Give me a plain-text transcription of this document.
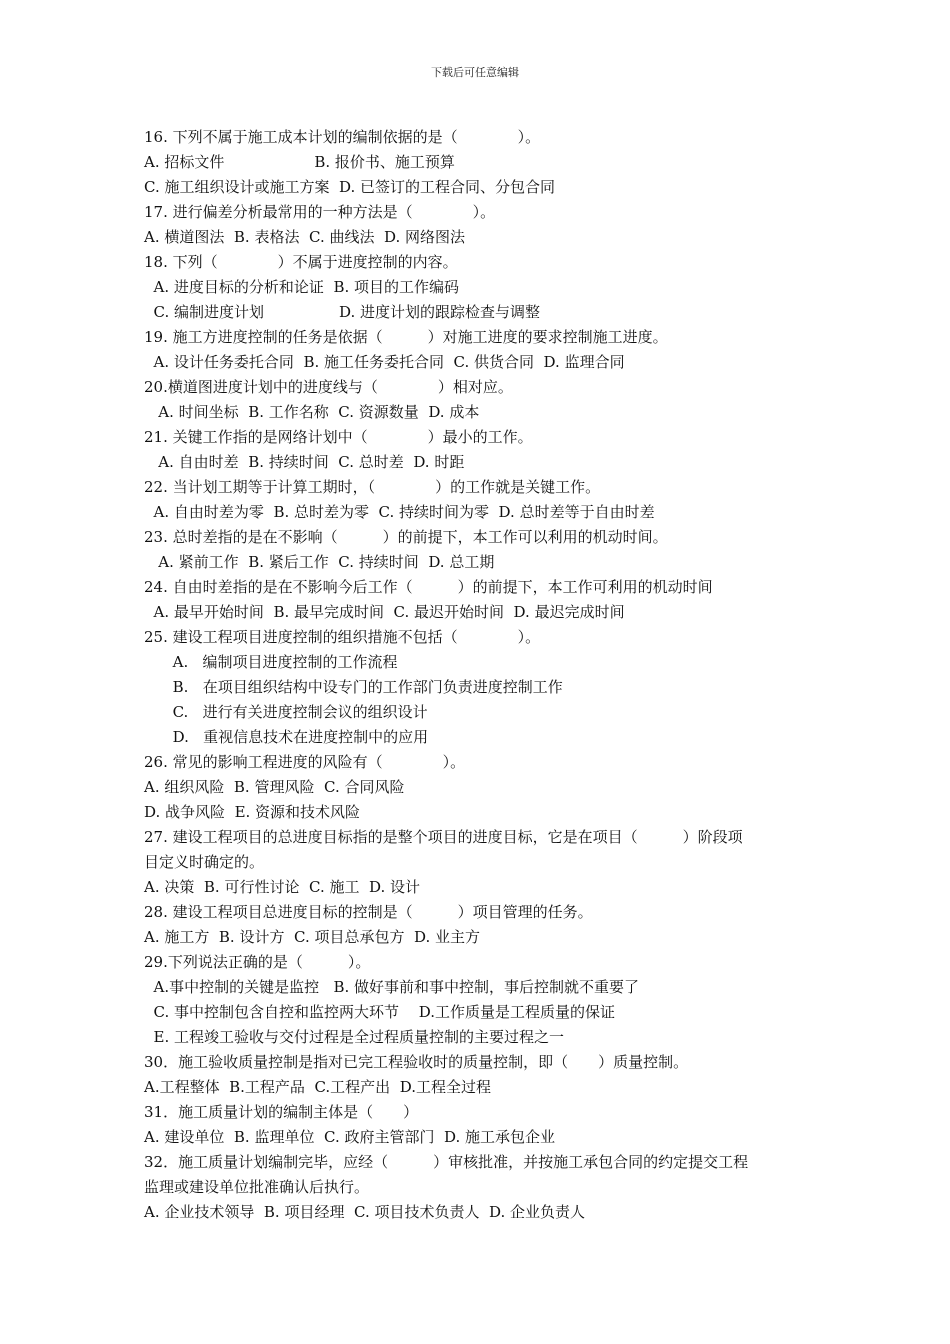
下载后可任意编辑
16. 下列不属于施工成本计划的编制依据的是（　　　　）。
A. 招标文件　　　　　　B. 报价书、施工预算
C. 施工组织设计或施工方案  D. 已签订的工程合同、分包合同
17. 进行偏差分析最常用的一种方法是（　　　　）。
A. 横道图法  B. 表格法  C. 曲线法  D. 网络图法
18. 下列（　　　　）不属于进度控制的内容。
A. 进度目标的分析和论证  B. 项目的工作编码
C. 编制进度计划　　　　　D. 进度计划的跟踪检查与调整
19. 施工方进度控制的任务是依据（　　　）对施工进度的要求控制施工进度。
A. 设计任务委托合同  B. 施工任务委托合同  C. 供货合同  D. 监理合同
20.横道图进度计划中的进度线与（　　　　）相对应。
A. 时间坐标  B. 工作名称  C. 资源数量  D. 成本
21. 关键工作指的是网络计划中（　　　　）最小的工作。
A. 自由时差  B. 持续时间  C. 总时差  D. 时距
22. 当计划工期等于计算工期时，（　　　　）的工作就是关键工作。
A. 自由时差为零  B. 总时差为零  C. 持续时间为零  D. 总时差等于自由时差
23. 总时差指的是在不影响（　　　）的前提下，本工作可以利用的机动时间。
A. 紧前工作  B. 紧后工作  C. 持续时间  D. 总工期
24. 自由时差指的是在不影响今后工作（　　　）的前提下，本工作可利用的机动时间
A. 最早开始时间  B. 最早完成时间  C. 最迟开始时间  D. 最迟完成时间
25. 建设工程项目进度控制的组织措施不包括（　　　　）。
A.   编制项目进度控制的工作流程
B.   在项目组织结构中设专门的工作部门负责进度控制工作
C.   进行有关进度控制会议的组织设计
D.   重视信息技术在进度控制中的应用
26. 常见的影响工程进度的风险有（　　　　）。
A. 组织风险  B. 管理风险  C. 合同风险
D. 战争风险  E. 资源和技术风险
27. 建设工程项目的总进度目标指的是整个项目的进度目标，它是在项目（　　　）阶段项
目定义时确定的。
A. 决策  B. 可行性讨论  C. 施工  D. 设计
28. 建设工程项目总进度目标的控制是（　　　）项目管理的任务。
A. 施工方  B. 设计方  C. 项目总承包方  D. 业主方
29.下列说法正确的是（　　　）。
A.事中控制的关键是监控   B. 做好事前和事中控制，事后控制就不重要了
C. 事中控制包含自控和监控两大环节　 D.工作质量是工程质量的保证
E. 工程竣工验收与交付过程是全过程质量控制的主要过程之一
30．施工验收质量控制是指对已完工程验收时的质量控制，即（　　）质量控制。
A.工程整体  B.工程产品  C.工程产出  D.工程全过程
31．施工质量计划的编制主体是（　　）
A. 建设单位  B. 监理单位  C. 政府主管部门  D. 施工承包企业
32．施工质量计划编制完毕，应经（　　　）审核批准，并按施工承包合同的约定提交工程
监理或建设单位批准确认后执行。
A. 企业技术领导  B. 项目经理  C. 项目技术负责人  D. 企业负责人
